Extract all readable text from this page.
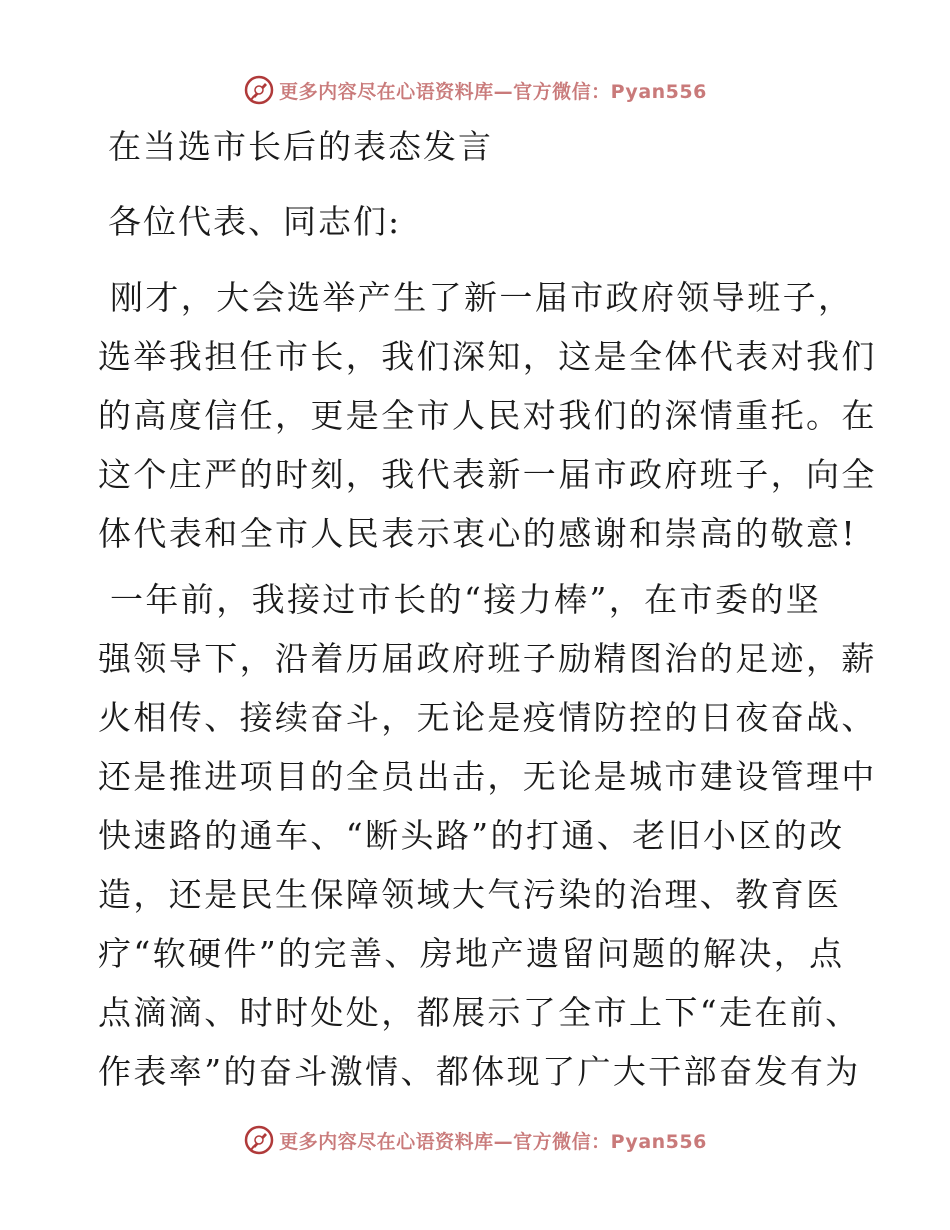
更多内容尽在心语资料库—官方微信：Pyan556
在当选市长后的表态发言

各位代表、同志们:

刚才，大会选举产生了新一届市政府领导班子，
选举我担任市长，我们深知，这是全体代表对我们
的高度信任，更是全市人民对我们的深情重托。在
这个庄严的时刻，我代表新一届市政府班子，向全
体代表和全市人民表示衷心的感谢和崇高的敬意!
一年前，我接过市长的“接力棒”，在市委的坚
强领导下，沿着历届政府班子励精图治的足迹，薪
火相传、接续奋斗，无论是疫情防控的日夜奋战、
还是推进项目的全员出击，无论是城市建设管理中
快速路的通车、“断头路”的打通、老旧小区的改
造，还是民生保障领域大气污染的治理、教育医
疗“软硬件”的完善、房地产遗留问题的解决，点
点滴滴、时时处处，都展示了全市上下“走在前、
作表率”的奋斗激情、都体现了广大干部奋发有为
更多内容尽在心语资料库—官方微信：Pyan556
